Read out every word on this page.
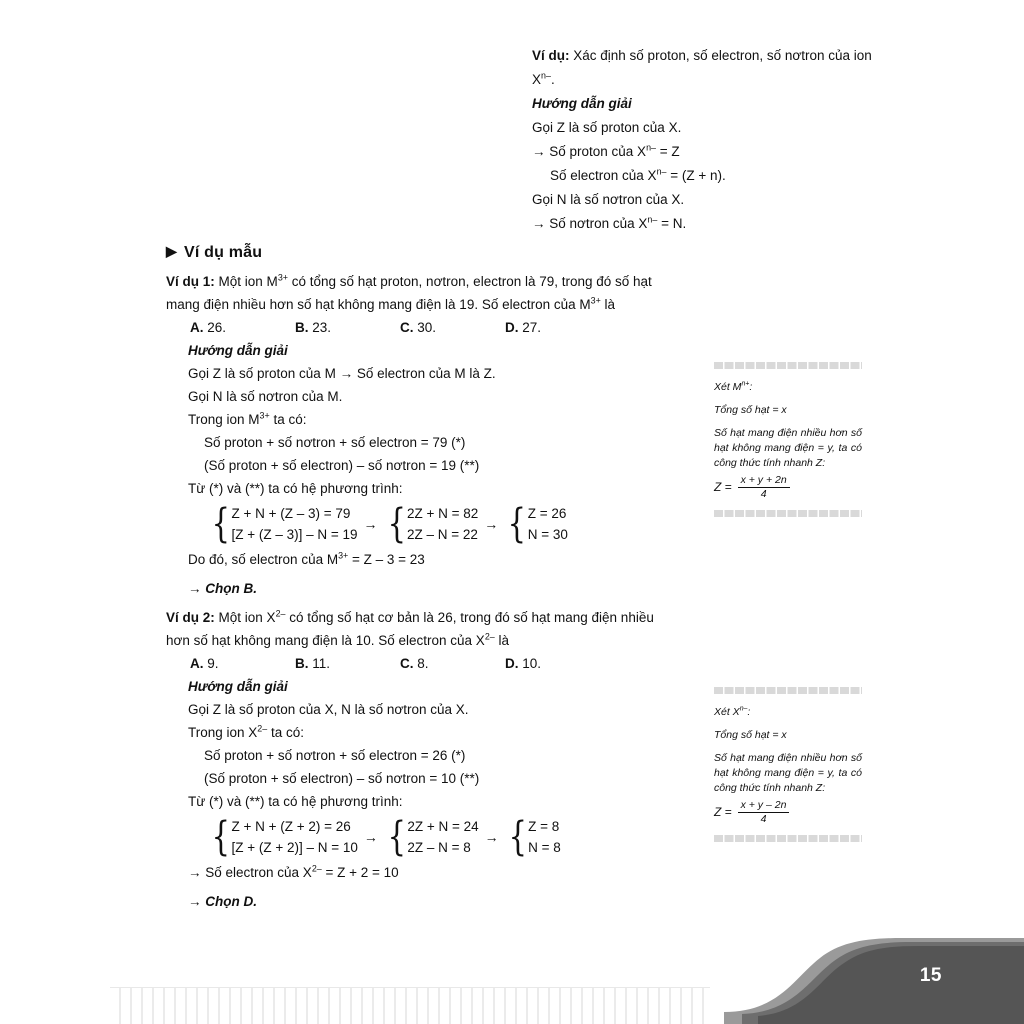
Ví dụ: Xác định số proton, số electron, số nơtron của ion $X^{n-}$.
Hướng dẫn giải
Gọi Z là số proton của X.
→ Số proton của $X^{n-} = Z$
Số electron của $X^{n-} = (Z + n)$.
Gọi N là số nơtron của X.
→ Số nơtron của $X^{n-} = N$.
▶ Ví dụ mẫu
Ví dụ 1: Một ion $M^{3+}$ có tổng số hạt proton, nơtron, electron là 79, trong đó số hạt
mang điện nhiều hơn số hạt không mang điện là 19. Số electron của $M^{3+}$ là
A. 26.	B. 23.	C. 30.	D. 27.
Hướng dẫn giải
Gọi Z là số proton của M → Số electron của M là Z.
Gọi N là số nơtron của M.
Trong ion $M^{3+}$ ta có:
Số proton + số nơtron + số electron = 79 (*)
(Số proton + số electron) – số nơtron = 19 (**)
Từ (*) và (**) ta có hệ phương trình:
{ Z + N + (Z – 3) = 79
[Z + (Z – 3)] – N = 19
→ { 2Z + N = 82
2Z – N = 22
→ { Z = 26
N = 30
Do đó, số electron của $M^{3+} = Z - 3 = 23$
→ Chọn B.
Ví dụ 2: Một ion $X^{2-}$ có tổng số hạt cơ bản là 26, trong đó số hạt mang điện nhiều
hơn số hạt không mang điện là 10. Số electron của $X^{2-}$ là
A. 9.	B. 11.	C. 8.	D. 10.
Hướng dẫn giải
Gọi Z là số proton của X, N là số nơtron của X.
Trong ion $X^{2-}$ ta có:
Số proton + số nơtron + số electron = 26 (*)
(Số proton + số electron) – số nơtron = 10 (**)
Từ (*) và (**) ta có hệ phương trình:
{ Z + N + (Z + 2) = 26
[Z + (Z + 2)] – N = 10
→ { 2Z + N = 24
2Z – N = 8
→ { Z = 8
N = 8
→ Số electron của $X^{2-} = Z + 2 = 10$
→ Chọn D.
Xét $M^{n+}$:
Tổng số hạt = x
Số hạt mang điện nhiều hơn số hạt không mang điện = y, ta có công thức tính nhanh Z:
$Z = \frac{x + y + 2n}{4}$
Xét $X^{n-}$:
Tổng số hạt = x
Số hạt mang điện nhiều hơn số hạt không mang điện = y, ta có công thức tính nhanh Z:
$Z = \frac{x + y - 2n}{4}$
15
